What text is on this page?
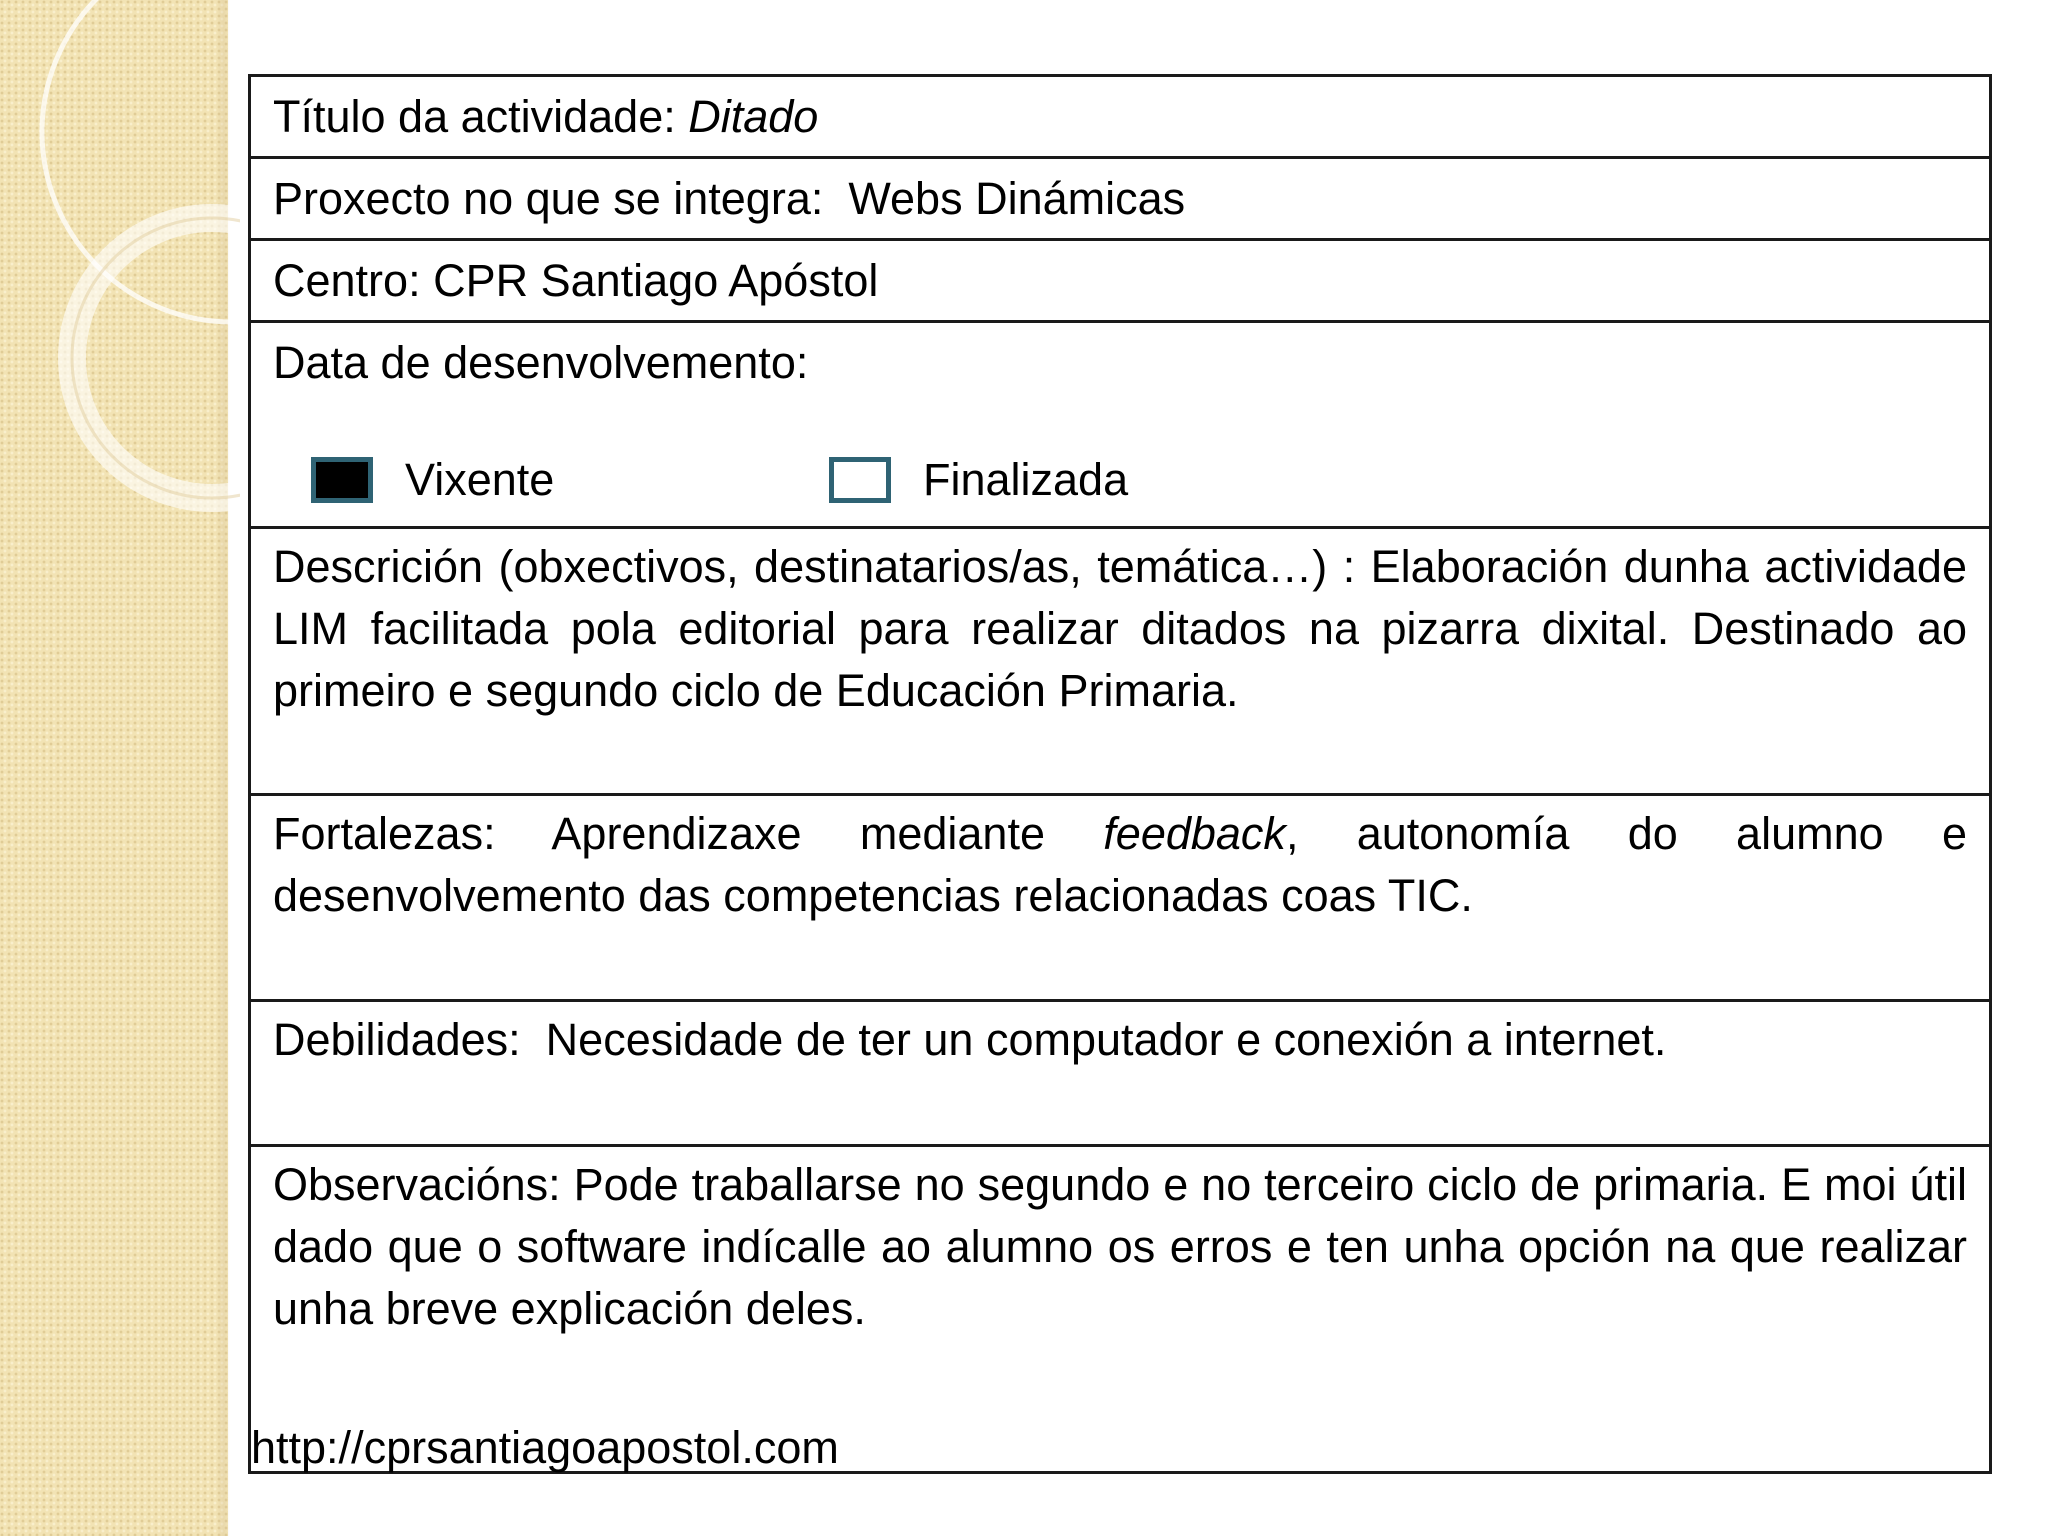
Título da actividade: Ditado
Proxecto no que se integra:  Webs Dinámicas
Centro: CPR Santiago Apóstol
Data de desenvolvemento:
Vixente	Finalizada
Descrición (obxectivos, destinatarios/as, temática…) : Elaboración dunha actividade LIM facilitada pola editorial para realizar ditados na pizarra dixital. Destinado ao primeiro e segundo ciclo de Educación Primaria.
Fortalezas: Aprendizaxe mediante feedback, autonomía do alumno e desenvolvemento das competencias relacionadas coas TIC.
Debilidades:  Necesidade de ter un computador e conexión a internet.
Observacións: Pode traballarse no segundo e no terceiro ciclo de primaria. E moi útil dado que o software indícalle ao alumno os erros e ten unha opción na que realizar unha breve explicación deles.
http://cprsantiagoapostol.com
